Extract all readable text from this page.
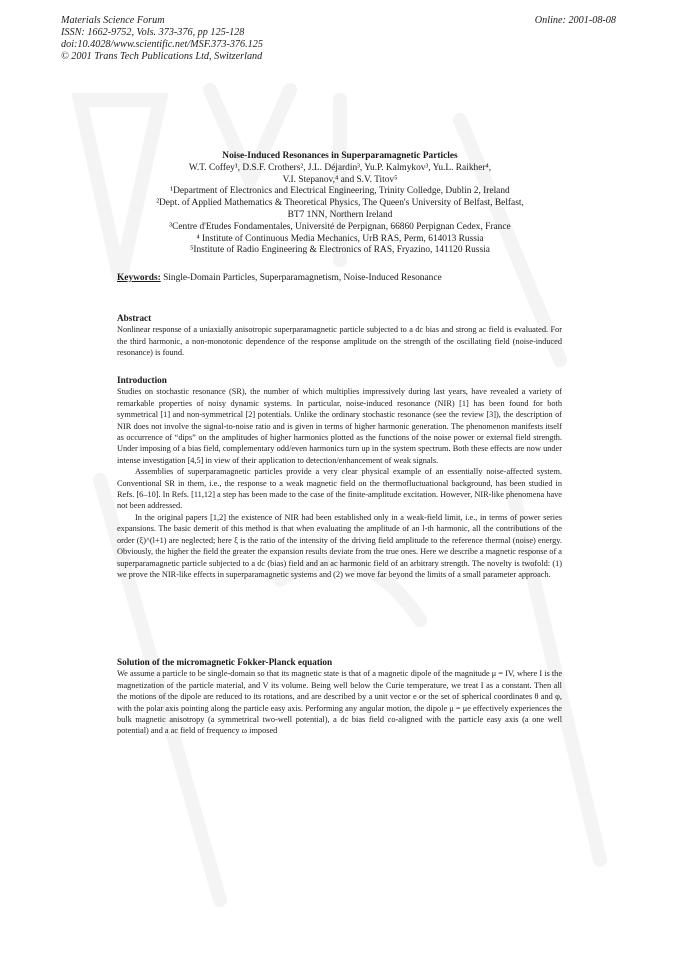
Materials Science Forum
ISSN: 1662-9752, Vols. 373-376, pp 125-128
doi:10.4028/www.scientific.net/MSF.373-376.125
© 2001 Trans Tech Publications Ltd, Switzerland
Online: 2001-08-08
Noise-Induced Resonances in Superparamagnetic Particles
W.T. Coffey¹, D.S.F. Crothers², J.L. Déjardin³, Yu.P. Kalmykov³, Yu.L. Raikher⁴,
V.I. Stepanov,⁴ and S.V. Titov⁵
¹Department of Electronics and Electrical Engineering, Trinity Colledge, Dublin 2, Ireland
²Dept. of Applied Mathematics & Theoretical Physics, The Queen's University of Belfast, Belfast,
BT7 1NN, Northern Ireland
³Centre d'Etudes Fondamentales, Université de Perpignan, 66860 Perpignan Cedex, France
⁴ Institute of Continuous Media Mechanics, UrB RAS, Perm, 614013 Russia
⁵Institute of Radio Engineering & Electronics of RAS, Fryazino, 141120 Russia
Keywords: Single-Domain Particles, Superparamagnetism, Noise-Induced Resonance
Abstract

Nonlinear response of a uniaxially anisotropic superparamagnetic particle subjected to a dc bias and strong ac field is evaluated. For the third harmonic, a non-monotonic dependence of the response amplitude on the strength of the oscillating field (noise-induced resonance) is found.

Introduction

Studies on stochastic resonance (SR), the number of which multiplies impressively during last years, have revealed a variety of remarkable properties of noisy dynamic systems. In particular, noise-induced resonance (NIR) [1] has been found for both symmetrical [1] and non-symmetrical [2] potentials. Unlike the ordinary stochastic resonance (see the review [3]), the description of NIR does not involve the signal-to-noise ratio and is given in terms of higher harmonic generation. The phenomenon manifests itself as occurrence of “dips” on the amplitudes of higher harmonics plotted as the functions of the noise power or external field strength. Under imposing of a bias field, complementary odd/even harmonics turn up in the system spectrum. Both these effects are now under intense investigation [4,5] in view of their application to detection/enhancement of weak signals.

Assemblies of superparamagnetic particles provide a very clear physical example of an essentially noise-affected system. Conventional SR in them, i.e., the response to a weak magnetic field on the thermofluctuational background, has been studied in Refs. [6–10]. In Refs. [11,12] a step has been made to the case of the finite-amplitude excitation. However, NIR-like phenomena have not been addressed.

In the original papers [1,2] the existence of NIR had been established only in a weak-field limit, i.e., in terms of power series expansions. The basic demerit of this method is that when evaluating the amplitude of an l-th harmonic, all the contributions of the order (ξ)^(l+1) are neglected; here ξ is the ratio of the intensity of the driving field amplitude to the reference thermal (noise) energy. Obviously, the higher the field the greater the expansion results deviate from the true ones. Here we describe a magnetic response of a superparamagnetic particle subjected to a dc (bias) field and an ac harmonic field of an arbitrary strength. The novelty is twofold: (1) we prove the NIR-like effects in superparamagnetic systems and (2) we move far beyond the limits of a small parameter approach.

Solution of the micromagnetic Fokker-Planck equation

We assume a particle to be single-domain so that its magnetic state is that of a magnetic dipole of the magnitude μ = IV, where I is the magnetization of the particle material, and V its volume. Being well below the Curie temperature, we treat I as a constant. Then all the motions of the dipole are reduced to its rotations, and are described by a unit vector e or the set of spherical coordinates θ and φ, with the polar axis pointing along the particle easy axis. Performing any angular motion, the dipole μ = μe effectively experiences the bulk magnetic anisotropy (a symmetrical two-well potential), a dc bias field co-aligned with the particle easy axis (a one well potential) and a ac field of frequency ω imposed
